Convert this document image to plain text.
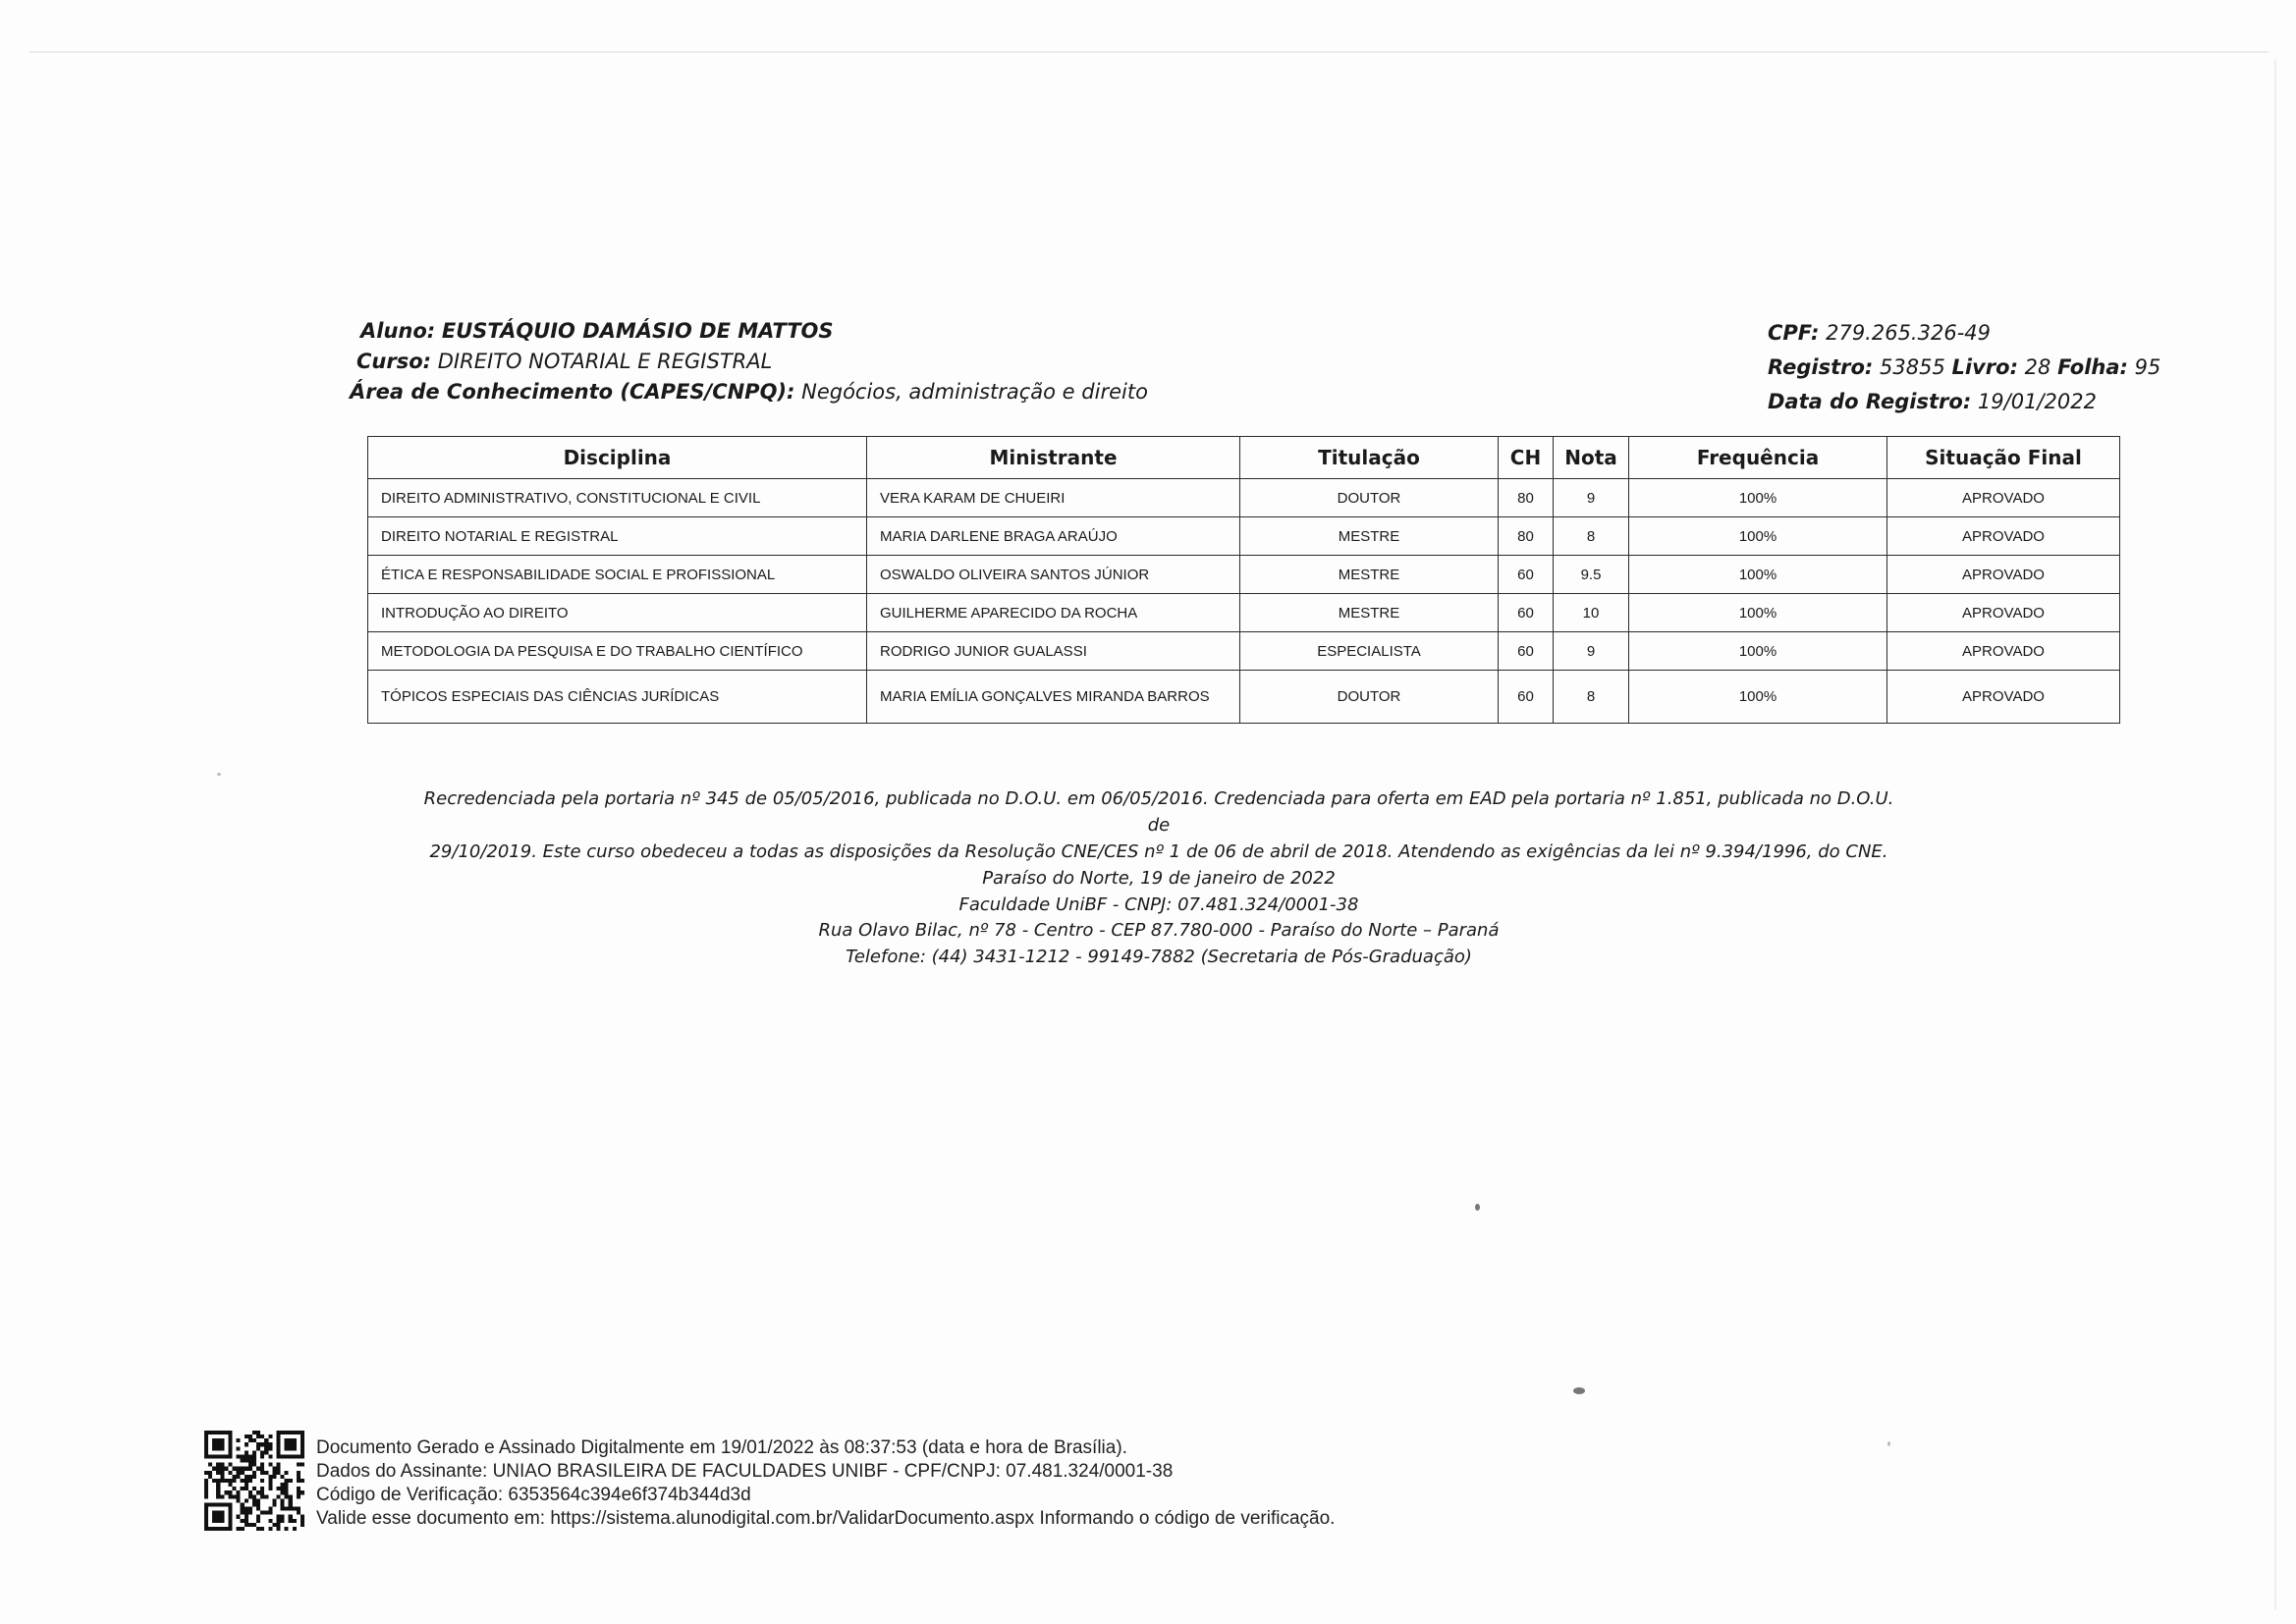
Aluno: EUSTÁQUIO DAMÁSIO DE MATTOS
Curso: DIREITO NOTARIAL E REGISTRAL
Área de Conhecimento (CAPES/CNPQ): Negócios, administração e direito
CPF: 279.265.326-49
Registro: 53855 Livro: 28 Folha: 95
Data do Registro: 19/01/2022
Disciplina	Ministrante	Titulação	CH	Nota	Frequência	Situação Final
DIREITO ADMINISTRATIVO, CONSTITUCIONAL E CIVIL	VERA KARAM DE CHUEIRI	DOUTOR	80	9	100%	APROVADO
DIREITO NOTARIAL E REGISTRAL	MARIA DARLENE BRAGA ARAÚJO	MESTRE	80	8	100%	APROVADO
ÉTICA E RESPONSABILIDADE SOCIAL E PROFISSIONAL	OSWALDO OLIVEIRA SANTOS JÚNIOR	MESTRE	60	9.5	100%	APROVADO
INTRODUÇÃO AO DIREITO	GUILHERME APARECIDO DA ROCHA	MESTRE	60	10	100%	APROVADO
METODOLOGIA DA PESQUISA E DO TRABALHO CIENTÍFICO	RODRIGO JUNIOR GUALASSI	ESPECIALISTA	60	9	100%	APROVADO
TÓPICOS ESPECIAIS DAS CIÊNCIAS JURÍDICAS	MARIA EMÍLIA GONÇALVES MIRANDA BARROS	DOUTOR	60	8	100%	APROVADO
Recredenciada pela portaria nº 345 de 05/05/2016, publicada no D.O.U. em 06/05/2016. Credenciada para oferta em EAD pela portaria nº 1.851, publicada no D.O.U. de
29/10/2019. Este curso obedeceu a todas as disposições da Resolução CNE/CES nº 1 de 06 de abril de 2018. Atendendo as exigências da lei nº 9.394/1996, do CNE.
Paraíso do Norte, 19 de janeiro de 2022
Faculdade UniBF - CNPJ: 07.481.324/0001-38
Rua Olavo Bilac, nº 78 - Centro - CEP 87.780-000 - Paraíso do Norte – Paraná
Telefone: (44) 3431-1212 - 99149-7882 (Secretaria de Pós-Graduação)
Documento Gerado e Assinado Digitalmente em 19/01/2022 às 08:37:53 (data e hora de Brasília).
Dados do Assinante: UNIAO BRASILEIRA DE FACULDADES UNIBF - CPF/CNPJ: 07.481.324/0001-38
Código de Verificação: 6353564c394e6f374b344d3d
Valide esse documento em: https://sistema.alunodigital.com.br/ValidarDocumento.aspx Informando o código de verificação.
